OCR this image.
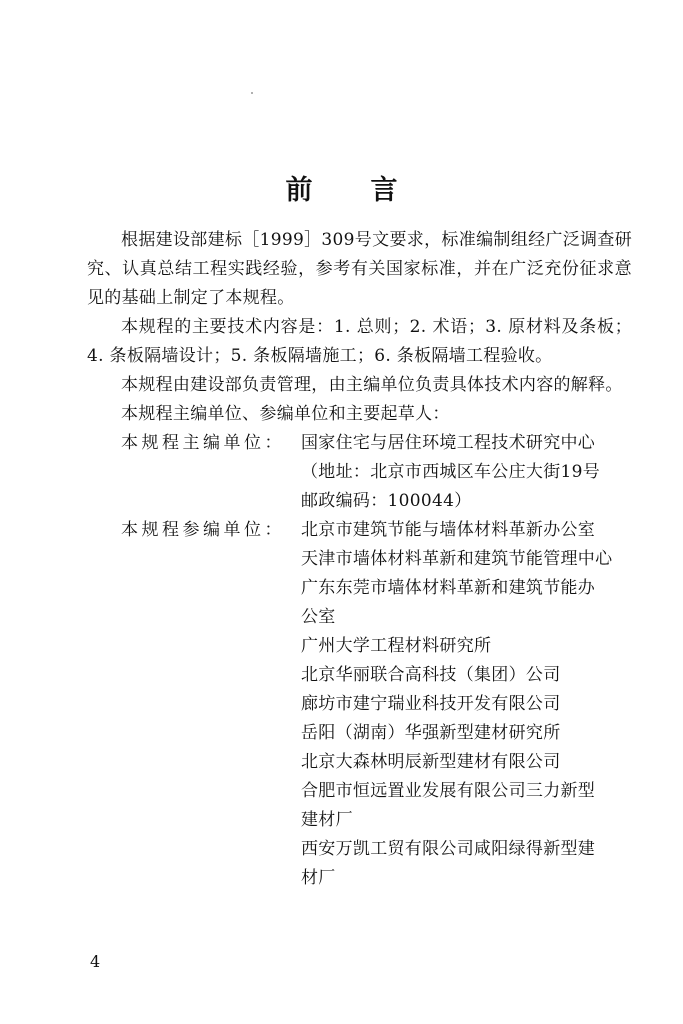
前言

根据建设部建标［1999］309号文要求，标准编制组经广泛调查研究、认真总结工程实践经验，参考有关国家标准，并在广泛充份征求意见的基础上制定了本规程。

本规程的主要技术内容是：1. 总则；2. 术语；3. 原材料及条板；4. 条板隔墙设计；5. 条板隔墙施工；6. 条板隔墙工程验收。

本规程由建设部负责管理，由主编单位负责具体技术内容的解释。

本规程主编单位、参编单位和主要起草人：

本规程主编单位： 国家住宅与居住环境工程技术研究中心
（地址：北京市西城区车公庄大街19号
邮政编码：100044）
本规程参编单位： 北京市建筑节能与墙体材料革新办公室
天津市墙体材料革新和建筑节能管理中心
广东东莞市墙体材料革新和建筑节能办
公室
广州大学工程材料研究所
北京华丽联合高科技（集团）公司
廊坊市建宁瑞业科技开发有限公司
岳阳（湖南）华强新型建材研究所
北京大森林明辰新型建材有限公司
合肥市恒远置业发展有限公司三力新型
建材厂
西安万凯工贸有限公司咸阳绿得新型建
材厂
4
